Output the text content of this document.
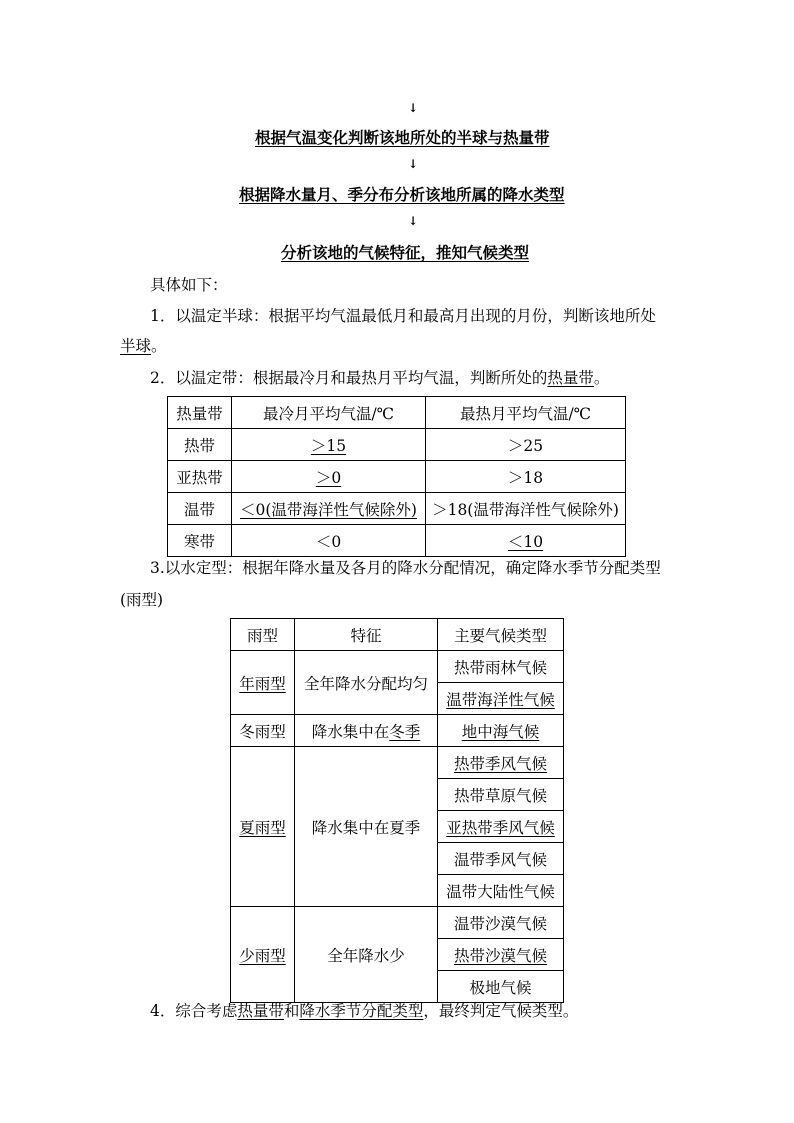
↓
根据气温变化判断该地所处的半球与热量带
↓
根据降水量月、季分布分析该地所属的降水类型
↓
分析该地的气候特征，推知气候类型
具体如下：
1．以温定半球：根据平均气温最低月和最高月出现的月份，判断该地所处
半球。
2．以温定带：根据最冷月和最热月平均气温，判断所处的热量带。
热量带	最冷月平均气温/℃	最热月平均气温/℃
热带	＞15	＞25
亚热带	＞0	＞18
温带	＜0(温带海洋性气候除外)	＞18(温带海洋性气候除外)
寒带	＜0	＜10
3.以水定型：根据年降水量及各月的降水分配情况，确定降水季节分配类型
(雨型)
雨型	特征	主要气候类型
年雨型	全年降水分配均匀	热带雨林气候
		温带海洋性气候
冬雨型	降水集中在冬季	地中海气候
夏雨型	降水集中在夏季	热带季风气候
		热带草原气候
		亚热带季风气候
		温带季风气候
		温带大陆性气候
少雨型	全年降水少	温带沙漠气候
		热带沙漠气候
		极地气候
4．综合考虑热量带和降水季节分配类型，最终判定气候类型。
